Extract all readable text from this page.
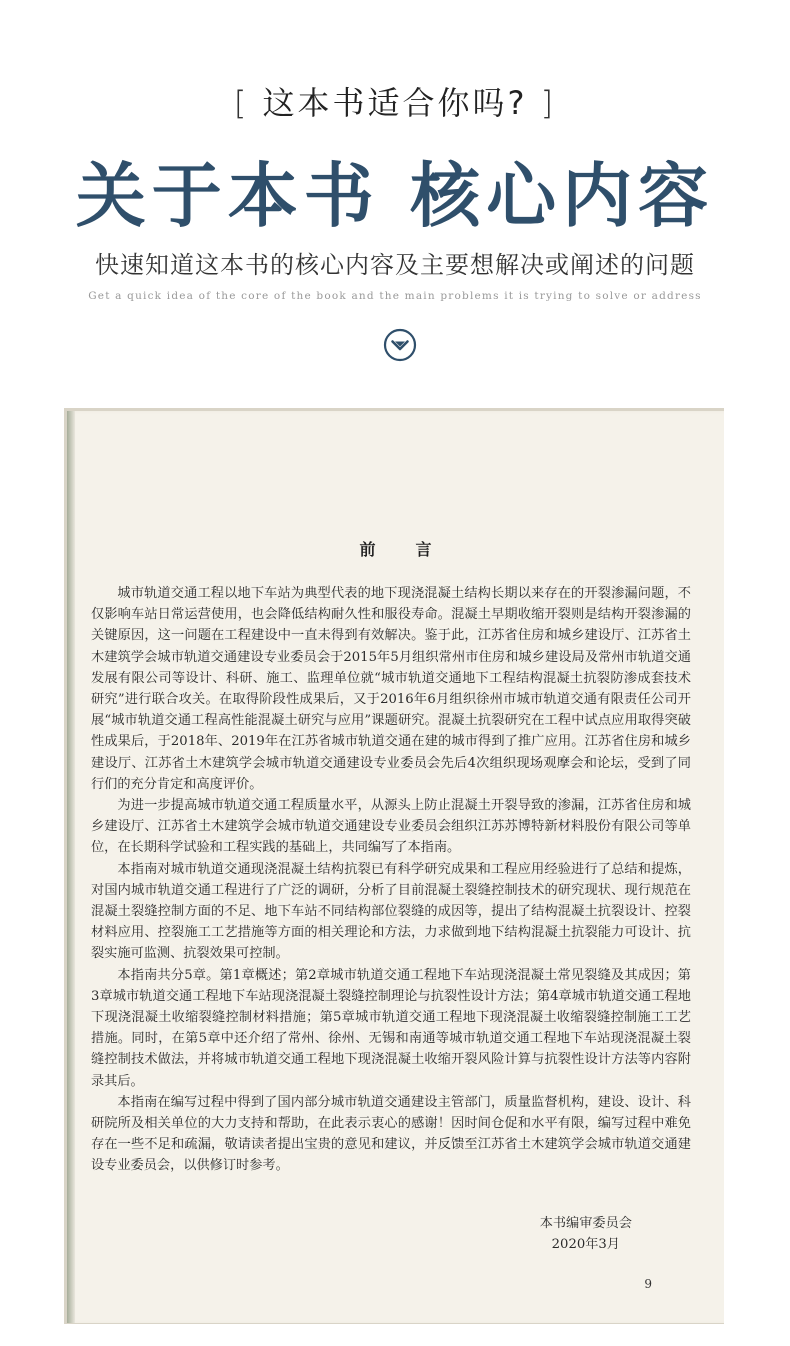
[ 这本书适合你吗? ]
关于本书 核心内容
快速知道这本书的核心内容及主要想解决或阐述的问题
Get a quick idea of the core of the book and the main problems it is trying to solve or address
前言

城市轨道交通工程以地下车站为典型代表的地下现浇混凝土结构长期以来存在的开裂渗漏问题，不仅影响车站日常运营使用，也会降低结构耐久性和服役寿命。混凝土早期收缩开裂则是结构开裂渗漏的关键原因，这一问题在工程建设中一直未得到有效解决。鉴于此，江苏省住房和城乡建设厅、江苏省土木建筑学会城市轨道交通建设专业委员会于2015年5月组织常州市住房和城乡建设局及常州市轨道交通发展有限公司等设计、科研、施工、监理单位就“城市轨道交通地下工程结构混凝土抗裂防渗成套技术研究”进行联合攻关。在取得阶段性成果后，又于2016年6月组织徐州市城市轨道交通有限责任公司开展“城市轨道交通工程高性能混凝土研究与应用”课题研究。混凝土抗裂研究在工程中试点应用取得突破性成果后，于2018年、2019年在江苏省城市轨道交通在建的城市得到了推广应用。江苏省住房和城乡建设厅、江苏省土木建筑学会城市轨道交通建设专业委员会先后4次组织现场观摩会和论坛，受到了同行们的充分肯定和高度评价。

为进一步提高城市轨道交通工程质量水平，从源头上防止混凝土开裂导致的渗漏，江苏省住房和城乡建设厅、江苏省土木建筑学会城市轨道交通建设专业委员会组织江苏苏博特新材料股份有限公司等单位，在长期科学试验和工程实践的基础上，共同编写了本指南。

本指南对城市轨道交通现浇混凝土结构抗裂已有科学研究成果和工程应用经验进行了总结和提炼，对国内城市轨道交通工程进行了广泛的调研，分析了目前混凝土裂缝控制技术的研究现状、现行规范在混凝土裂缝控制方面的不足、地下车站不同结构部位裂缝的成因等，提出了结构混凝土抗裂设计、控裂材料应用、控裂施工工艺措施等方面的相关理论和方法，力求做到地下结构混凝土抗裂能力可设计、抗裂实施可监测、抗裂效果可控制。

本指南共分5章。第1章概述；第2章城市轨道交通工程地下车站现浇混凝土常见裂缝及其成因；第3章城市轨道交通工程地下车站现浇混凝土裂缝控制理论与抗裂性设计方法；第4章城市轨道交通工程地下现浇混凝土收缩裂缝控制材料措施；第5章城市轨道交通工程地下现浇混凝土收缩裂缝控制施工工艺措施。同时，在第5章中还介绍了常州、徐州、无锡和南通等城市轨道交通工程地下车站现浇混凝土裂缝控制技术做法，并将城市轨道交通工程地下现浇混凝土收缩开裂风险计算与抗裂性设计方法等内容附录其后。

本指南在编写过程中得到了国内部分城市轨道交通建设主管部门，质量监督机构，建设、设计、科研院所及相关单位的大力支持和帮助，在此表示衷心的感谢！因时间仓促和水平有限，编写过程中难免存在一些不足和疏漏，敬请读者提出宝贵的意见和建议，并反馈至江苏省土木建筑学会城市轨道交通建设专业委员会，以供修订时参考。

本书编审委员会
2020年3月
9
